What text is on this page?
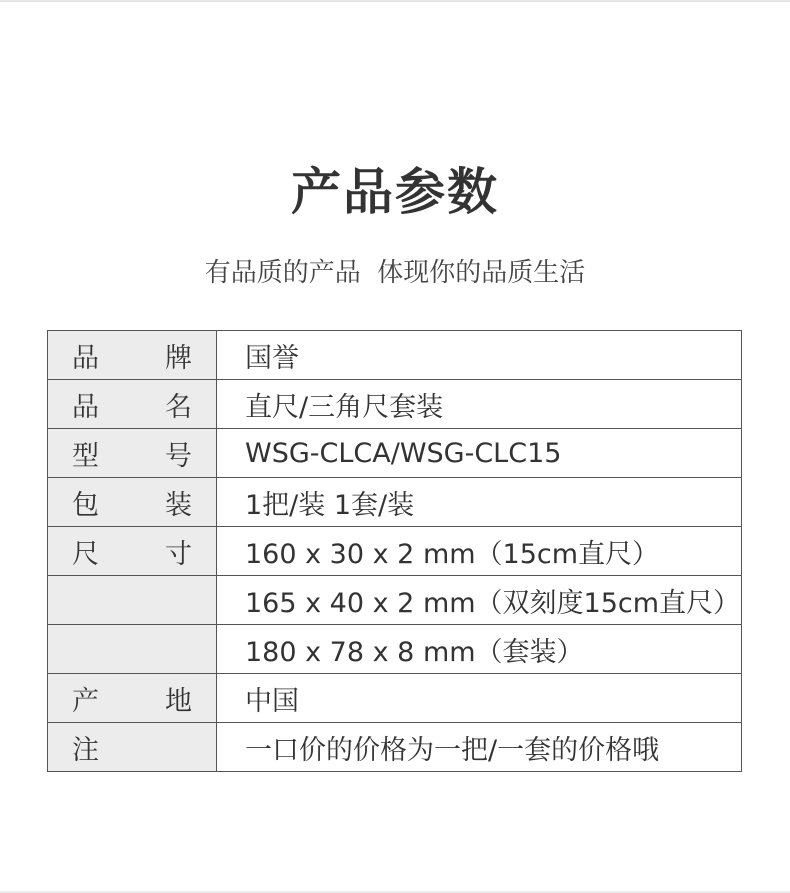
产品参数
有品质的产品  体现你的品质生活
品 牌	国誉

品 名	直尺/三角尺套装

型 号	WSG-CLCA/WSG-CLC15

包 装	1把/装 1套/装

尺 寸	160 x 30 x 2 mm（15cm直尺）

	165 x 40 x 2 mm（双刻度15cm直尺）

	180 x 78 x 8 mm（套装）

产 地	中国

注	一口价的价格为一把/一套的价格哦
